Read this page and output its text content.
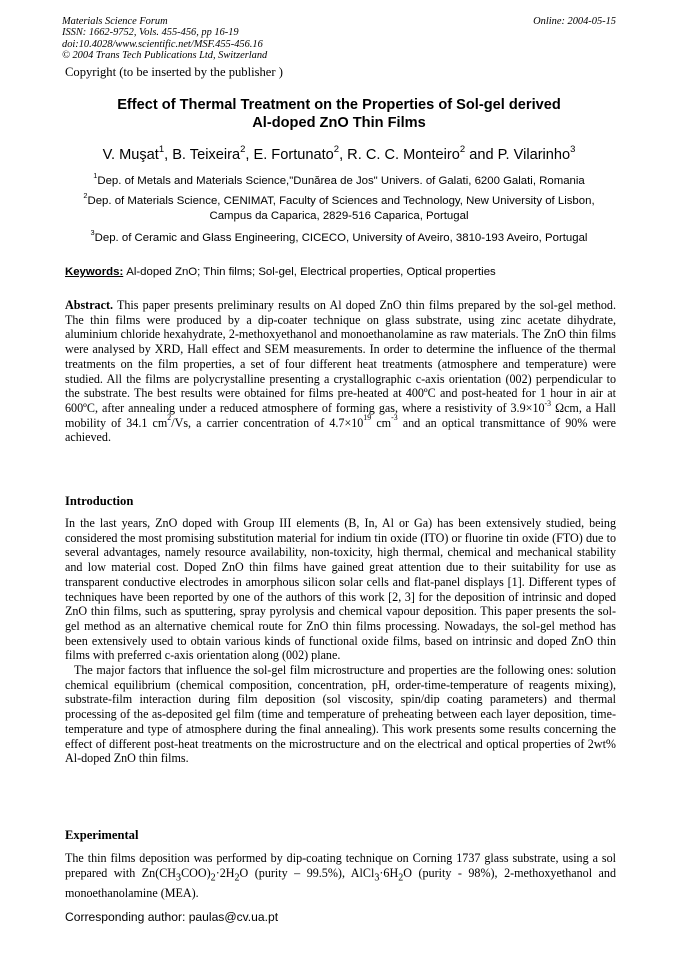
Materials Science Forum	Online: 2004-05-15
ISSN: 1662-9752, Vols. 455-456, pp 16-19
doi:10.4028/www.scientific.net/MSF.455-456.16
© 2004 Trans Tech Publications Ltd, Switzerland
Copyright (to be inserted by the publisher )
Effect of Thermal Treatment on the Properties of Sol-gel derived
Al-doped ZnO Thin Films
V. Muşat$^1$, B. Teixeira$^2$, E. Fortunato$^2$, R. C. C. Monteiro$^2$ and P. Vilarinho$^3$
$^1$Dep. of Metals and Materials Science,"Dunărea de Jos" Univers. of Galati, 6200 Galati, Romania
$^2$Dep. of Materials Science, CENIMAT, Faculty of Sciences and Technology, New University of Lisbon, Campus da Caparica, 2829-516 Caparica, Portugal
$^3$Dep. of Ceramic and Glass Engineering, CICECO, University of Aveiro, 3810-193 Aveiro, Portugal
Keywords: Al-doped ZnO; Thin films; Sol-gel, Electrical properties, Optical properties
Abstract. This paper presents preliminary results on Al doped ZnO thin films prepared by the sol-gel method. The thin films were produced by a dip-coater technique on glass substrate, using zinc acetate dihydrate, aluminium chloride hexahydrate, 2-methoxyethanol and monoethanolamine as raw materials. The ZnO thin films were analysed by XRD, Hall effect and SEM measurements. In order to determine the influence of the thermal treatments on the film properties, a set of four different heat treatments (atmosphere and temperature) were studied. All the films are polycrystalline presenting a crystallographic c-axis orientation (002) perpendicular to the substrate. The best results were obtained for films pre-heated at 400ºC and post-heated for 1 hour in air at 600ºC, after annealing under a reduced atmosphere of forming gas, where a resistivity of $3.9\times 10^{-3}$ Ωcm, a Hall mobility of 34.1 $cm^2/Vs$, a carrier concentration of $4.7\times 10^{19}$ $cm^{-3}$ and an optical transmittance of 90% were achieved.
Introduction

In the last years, ZnO doped with Group III elements (B, In, Al or Ga) has been extensively studied, being considered the most promising substitution material for indium tin oxide (ITO) or fluorine tin oxide (FTO) due to several advantages, namely resource availability, non-toxicity, high thermal, chemical and mechanical stability and low material cost. Doped ZnO thin films have gained great attention due to their suitability for use as transparent conductive electrodes in amorphous silicon solar cells and flat-panel displays [1]. Different types of techniques have been reported by one of the authors of this work [2, 3] for the deposition of intrinsic and doped ZnO thin films, such as sputtering, spray pyrolysis and chemical vapour deposition. This paper presents the sol-gel method as an alternative chemical route for ZnO thin films processing. Nowadays, the sol-gel method has been extensively used to obtain various kinds of functional oxide films, based on intrinsic and doped ZnO thin films with preferred c-axis orientation along (002) plane.

The major factors that influence the sol-gel film microstructure and properties are the following ones: solution chemical equilibrium (chemical composition, concentration, pH, order-time-temperature of reagents mixing), substrate-film interaction during film deposition (sol viscosity, spin/dip coating parameters) and thermal processing of the as-deposited gel film (time and temperature of preheating between each layer deposition, time-temperature and type of atmosphere during the final annealing). This work presents some results concerning the effect of different post-heat treatments on the microstructure and on the electrical and optical properties of 2wt% Al-doped ZnO thin films.

Experimental

The thin films deposition was performed by dip-coating technique on Corning 1737 glass substrate, using a sol prepared with $Zn(CH_3COO)_2\cdot 2H_2O$ (purity – 99.5%), $AlCl_3\cdot 6H_2O$ (purity - 98%), 2-methoxyethanol and monoethanolamine (MEA).

Corresponding author: paulas@cv.ua.pt
